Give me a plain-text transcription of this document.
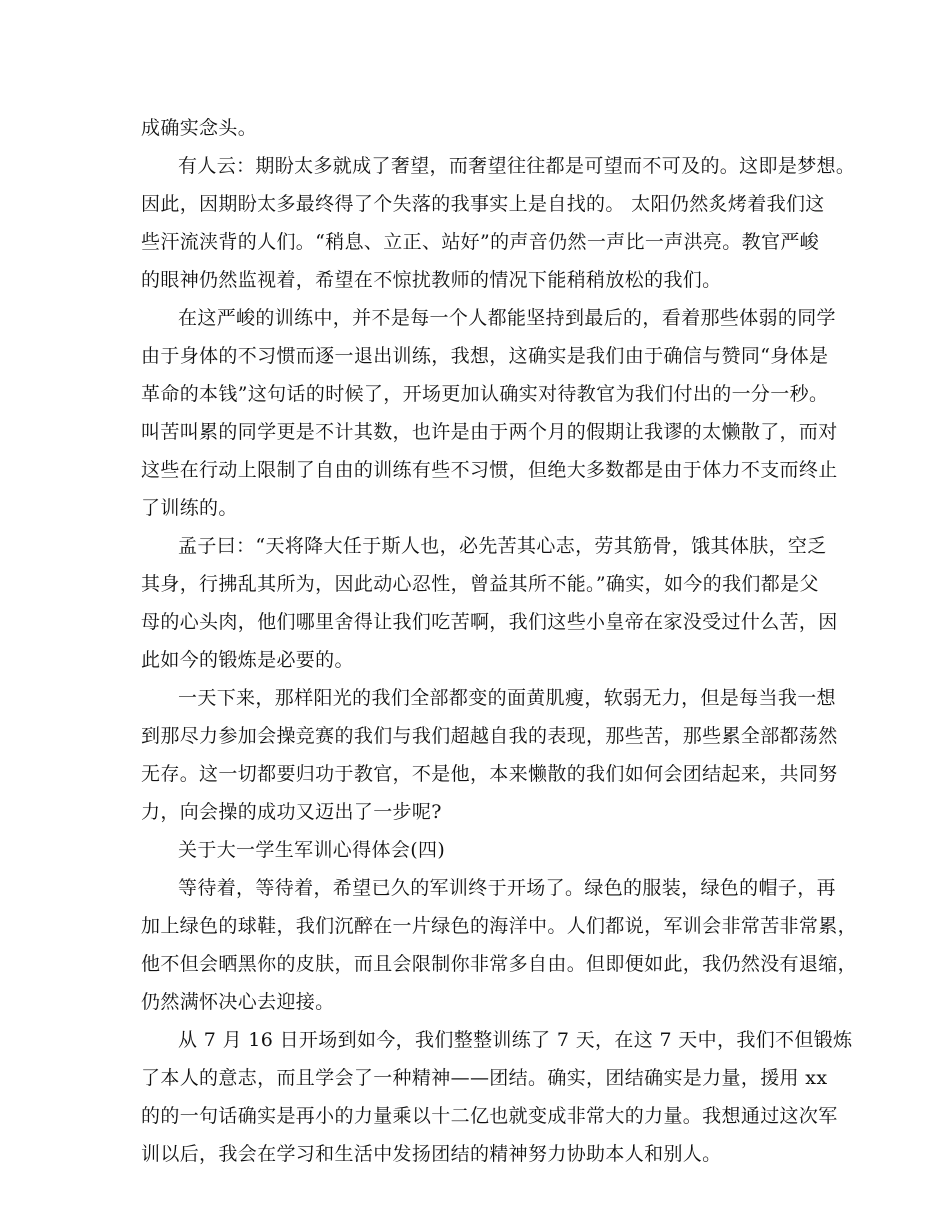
成确实念头。

有人云：期盼太多就成了奢望，而奢望往往都是可望而不可及的。这即是梦想。

因此，因期盼太多最终得了个失落的我事实上是自找的。 太阳仍然炙烤着我们这

些汗流浃背的人们。“稍息、立正、站好”的声音仍然一声比一声洪亮。教官严峻

的眼神仍然监视着，希望在不惊扰教师的情况下能稍稍放松的我们。

在这严峻的训练中，并不是每一个人都能坚持到最后的，看着那些体弱的同学

由于身体的不习惯而逐一退出训练，我想，这确实是我们由于确信与赞同“身体是

革命的本钱”这句话的时候了，开场更加认确实对待教官为我们付出的一分一秒。

叫苦叫累的同学更是不计其数，也许是由于两个月的假期让我谬的太懒散了，而对

这些在行动上限制了自由的训练有些不习惯，但绝大多数都是由于体力不支而终止

了训练的。

孟子曰：“天将降大任于斯人也，必先苦其心志，劳其筋骨，饿其体肤，空乏

其身，行拂乱其所为，因此动心忍性，曾益其所不能。”确实，如今的我们都是父

母的心头肉，他们哪里舍得让我们吃苦啊，我们这些小皇帝在家没受过什么苦，因

此如今的锻炼是必要的。

一天下来，那样阳光的我们全部都变的面黄肌瘦，软弱无力，但是每当我一想

到那尽力参加会操竞赛的我们与我们超越自我的表现，那些苦，那些累全部都荡然

无存。这一切都要归功于教官，不是他，本来懒散的我们如何会团结起来，共同努

力，向会操的成功又迈出了一步呢?

关于大一学生军训心得体会(四)

等待着，等待着，希望已久的军训终于开场了。绿色的服装，绿色的帽子，再

加上绿色的球鞋，我们沉醉在一片绿色的海洋中。人们都说，军训会非常苦非常累，

他不但会晒黑你的皮肤，而且会限制你非常多自由。但即便如此，我仍然没有退缩，

仍然满怀决心去迎接。

从 7 月 16 日开场到如今，我们整整训练了 7 天，在这 7 天中，我们不但锻炼

了本人的意志，而且学会了一种精神——团结。确实，团结确实是力量，援用 xx

的的一句话确实是再小的力量乘以十二亿也就变成非常大的力量。我想通过这次军

训以后，我会在学习和生活中发扬团结的精神努力协助本人和别人。
